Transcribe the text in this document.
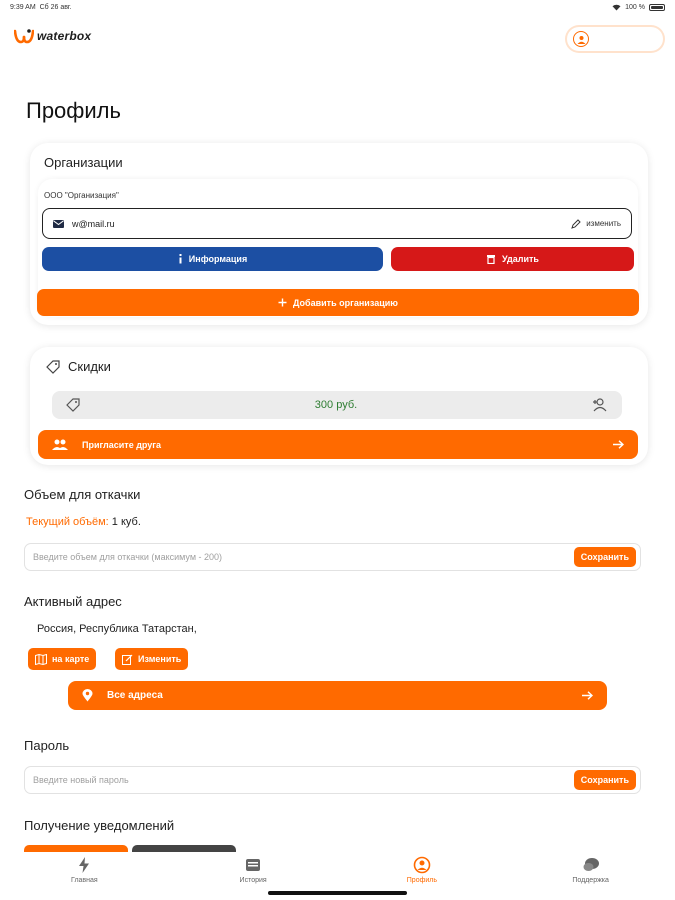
9:39 AM Сб 26 авг.	100 %
waterbox
Профиль
Организации
ООО "Организация"
w@mail.ru	изменить
Информация	Удалить
Добавить организацию
Скидки
300 руб.
Пригласите друга
Объем для откачки
Текущий объём: 1 куб.
Введите объем для откачки (максимум - 200)
Сохранить
Активный адрес
Россия, Республика Татарстан,
на карте	Изменить
Все адреса
Пароль
Сохранить
Получение уведомлений
Главная	История	Профиль	Поддержка
